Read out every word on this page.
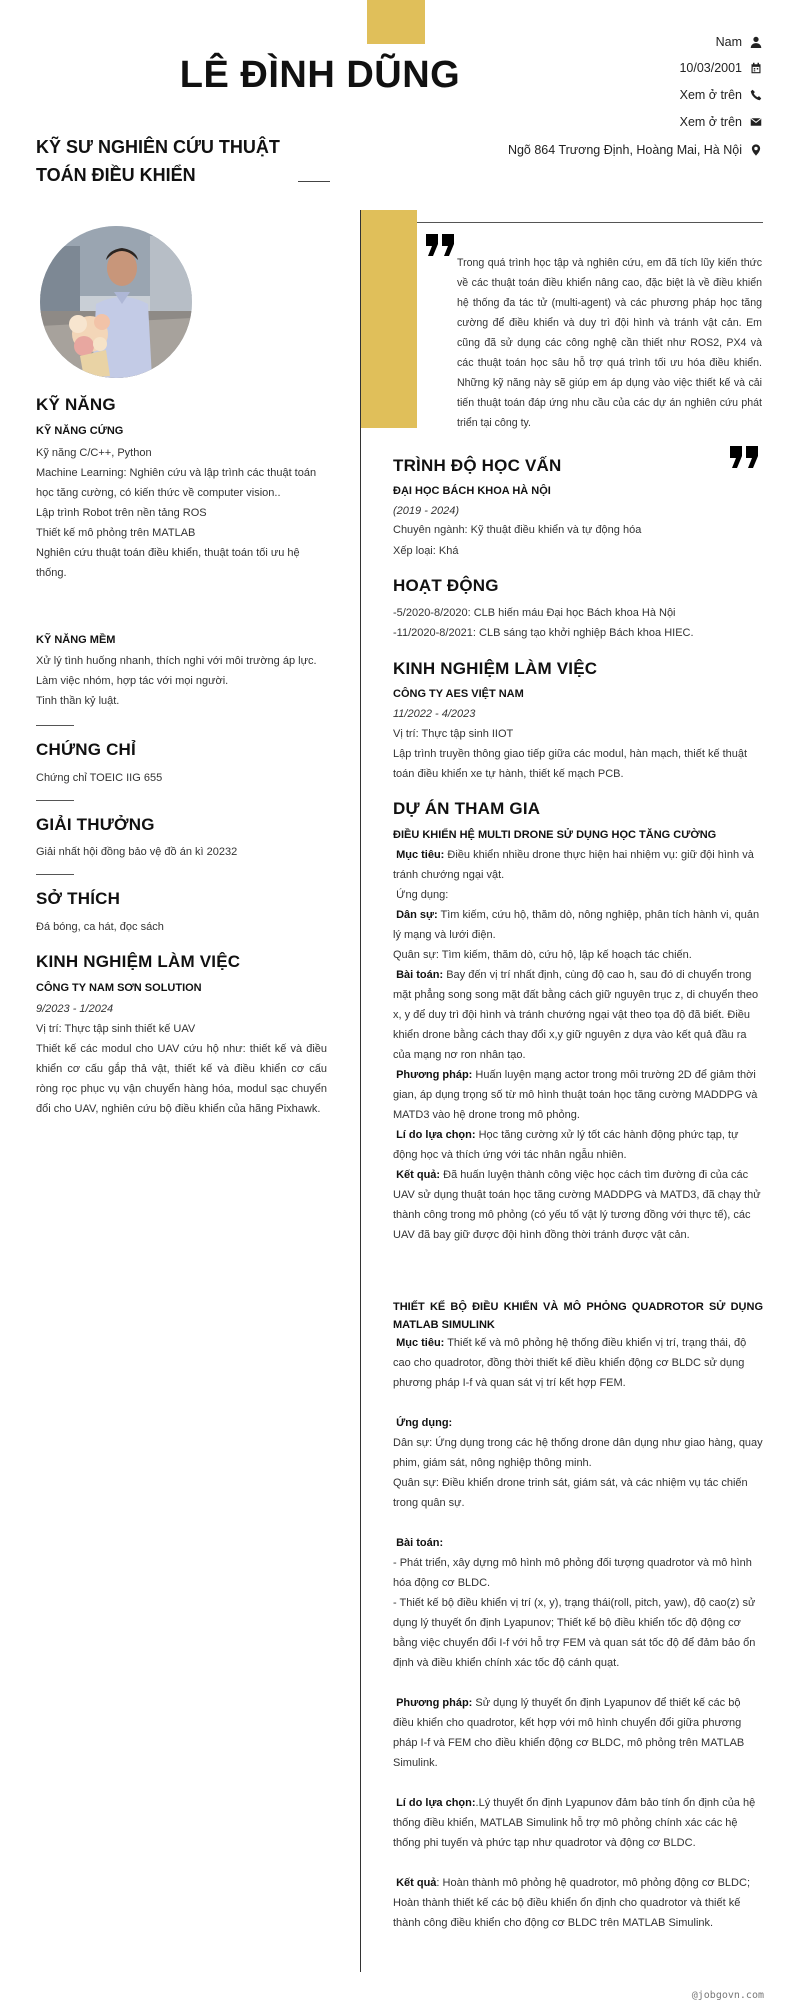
LÊ ĐÌNH DŨNG
KỸ SƯ NGHIÊN CỨU THUẬT
TOÁN ĐIỀU KHIỂN
Nam
10/03/2001
Xem ở trên
Xem ở trên
Ngõ 864 Trương Định, Hoàng Mai, Hà Nội
KỸ NĂNG
KỸ NĂNG CỨNG
Kỹ năng C/C++, Python
Machine Learning: Nghiên cứu và lập trình các thuật toán học tăng cường, có kiến thức về computer vision..
Lập trình Robot trên nền tảng ROS
Thiết kế mô phỏng trên MATLAB
Nghiên cứu thuật toán điều khiển, thuật toán tối ưu hệ thống.
KỸ NĂNG MỀM
Xử lý tình huống nhanh, thích nghi với môi trường áp lực.
Làm việc nhóm, hợp tác với mọi người.
Tinh thần kỷ luật.
CHỨNG CHỈ
Chứng chỉ TOEIC IIG 655
GIẢI THƯỞNG
Giải nhất hội đồng bảo vệ đồ án kì 20232
SỞ THÍCH
Đá bóng, ca hát, đọc sách
KINH NGHIỆM LÀM VIỆC
CÔNG TY NAM SƠN SOLUTION
9/2023 - 1/2024
Vị trí: Thực tập sinh thiết kế UAV
Thiết kế các modul cho UAV cứu hộ như: thiết kế và điều khiển cơ cấu gắp thả vật, thiết kế và điều khiển cơ cấu ròng rọc phục vụ vận chuyển hàng hóa, modul sạc chuyển đổi cho UAV, nghiên cứu bộ điều khiển của hãng Pixhawk.
Trong quá trình học tập và nghiên cứu, em đã tích lũy kiến thức về các thuật toán điều khiển nâng cao, đặc biệt là về điều khiển hệ thống đa tác tử (multi-agent) và các phương pháp học tăng cường để điều khiển và duy trì đội hình và tránh vật cản. Em cũng đã sử dụng các công nghệ cần thiết như ROS2, PX4 và các thuật toán học sâu hỗ trợ quá trình tối ưu hóa điều khiển. Những kỹ năng này sẽ giúp em áp dụng vào việc thiết kế và cải tiến thuật toán đáp ứng nhu cầu của các dự án nghiên cứu phát triển tại công ty.
TRÌNH ĐỘ HỌC VẤN
ĐẠI HỌC BÁCH KHOA HÀ NỘI
(2019 - 2024)
Chuyên ngành: Kỹ thuật điều khiển và tự động hóa
Xếp loại: Khá
HOẠT ĐỘNG
-5/2020-8/2020: CLB hiến máu Đại học Bách khoa Hà Nội
-11/2020-8/2021: CLB sáng tạo khởi nghiệp Bách khoa HIEC.
KINH NGHIỆM LÀM VIỆC
CÔNG TY AES VIỆT NAM
11/2022 - 4/2023
Vị trí: Thực tập sinh IIOT
Lập trình truyền thông giao tiếp giữa các modul, hàn mạch, thiết kế thuật toán điều khiển xe tự hành, thiết kế mạch PCB.
DỰ ÁN THAM GIA
ĐIỀU KHIỂN HỆ MULTI DRONE SỬ DỤNG HỌC TĂNG CƯỜNG
Mục tiêu: Điều khiển nhiều drone thực hiện hai nhiệm vụ: giữ đội hình và tránh chướng ngại vật.
Ứng dụng:
Dân sự: Tìm kiếm, cứu hộ, thăm dò, nông nghiệp, phân tích hành vi, quản lý mạng và lưới điện.
Quân sự: Tìm kiếm, thăm dò, cứu hộ, lập kế hoạch tác chiến.
Bài toán: Bay đến vị trí nhất định, cùng độ cao h, sau đó di chuyển trong mặt phẳng song song mặt đất bằng cách giữ nguyên trục z, di chuyển theo x, y để duy trì đội hình và tránh chướng ngại vật theo tọa độ đã biết. Điều khiển drone bằng cách thay đổi x,y giữ nguyên z dựa vào kết quả đầu ra của mạng nơ ron nhân tạo.
Phương pháp: Huấn luyện mạng actor trong môi trường 2D để giảm thời gian, áp dụng trọng số từ mô hình thuật toán học tăng cường MADDPG và MATD3 vào hệ drone trong mô phỏng.
Lí do lựa chọn: Học tăng cường xử lý tốt các hành động phức tạp, tự động học và thích ứng với tác nhân ngẫu nhiên.
Kết quả: Đã huấn luyện thành công việc học cách tìm đường đi của các UAV sử dụng thuật toán học tăng cường MADDPG và MATD3, đã chạy thử thành công trong mô phỏng (có yếu tố vật lý tương đồng với thực tế), các UAV đã bay giữ được đội hình đồng thời tránh được vật cản.
THIẾT KẾ BỘ ĐIỀU KHIỂN VÀ MÔ PHỎNG QUADROTOR SỬ DỤNG MATLAB SIMULINK
Mục tiêu: Thiết kế và mô phỏng hệ thống điều khiển vị trí, trạng thái, độ cao cho quadrotor, đồng thời thiết kế điều khiển động cơ BLDC sử dụng phương pháp I-f và quan sát vị trí kết hợp FEM.
Ứng dụng:
Dân sự: Ứng dụng trong các hệ thống drone dân dụng như giao hàng, quay phim, giám sát, nông nghiệp thông minh.
Quân sự: Điều khiển drone trinh sát, giám sát, và các nhiệm vụ tác chiến trong quân sự.
Bài toán:
- Phát triển, xây dựng mô hình mô phỏng đối tượng quadrotor và mô hình hóa động cơ BLDC.
- Thiết kế bộ điều khiển vị trí (x, y), trạng thái(roll, pitch, yaw), độ cao(z) sử dụng lý thuyết ổn định Lyapunov; Thiết kế bộ điều khiển tốc độ động cơ bằng việc chuyển đổi I-f với hỗ trợ FEM và quan sát tốc độ để đảm bảo ổn định và điều khiển chính xác tốc độ cánh quạt.
Phương pháp: Sử dụng lý thuyết ổn định Lyapunov để thiết kế các bộ điều khiển cho quadrotor, kết hợp với mô hình chuyển đổi giữa phương pháp I-f và FEM cho điều khiển động cơ BLDC, mô phỏng trên MATLAB Simulink.
Lí do lựa chọn:.Lý thuyết ổn định Lyapunov đảm bảo tính ổn định của hệ thống điều khiển, MATLAB Simulink hỗ trợ mô phỏng chính xác các hệ thống phi tuyến và phức tạp như quadrotor và động cơ BLDC.
Kết quả: Hoàn thành mô phỏng hệ quadrotor, mô phỏng động cơ BLDC; Hoàn thành thiết kế các bộ điều khiển ổn định cho quadrotor và thiết kế thành công điều khiển cho động cơ BLDC trên MATLAB Simulink.
@jobgovn.com
